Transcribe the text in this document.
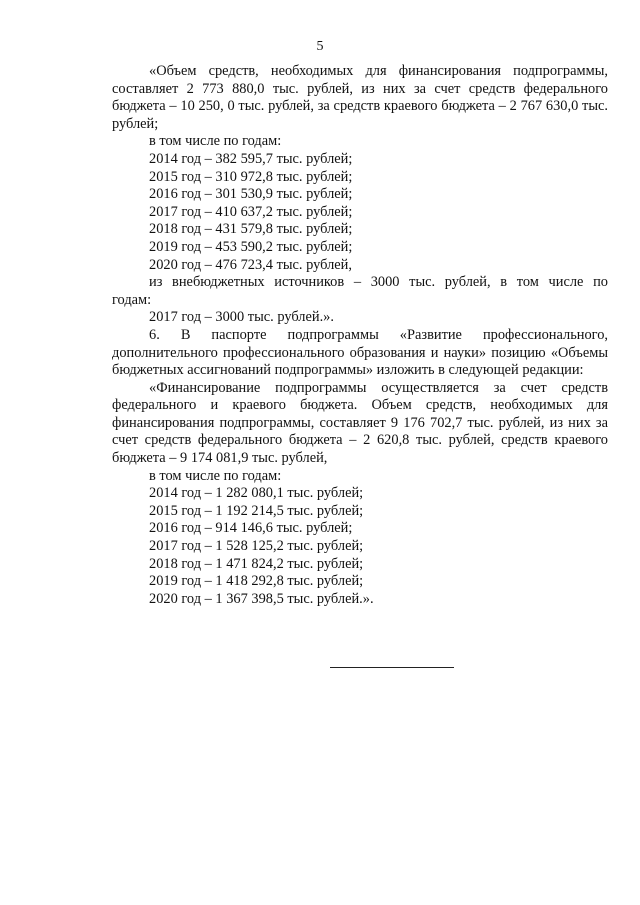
5

«Объем средств, необходимых для финансирования подпрограммы, составляет 2 773 880,0 тыс. рублей, из них за счет средств федерального бюджета – 10 250, 0 тыс. рублей, за средств краевого бюджета – 2 767 630,0 тыс. рублей;

в том числе по годам:

2014 год – 382 595,7 тыс. рублей;

2015 год – 310 972,8 тыс. рублей;

2016 год – 301 530,9 тыс. рублей;

2017 год – 410 637,2 тыс. рублей;

2018 год – 431 579,8 тыс. рублей;

2019 год – 453 590,2 тыс. рублей;

2020 год – 476 723,4 тыс. рублей,

из внебюджетных источников – 3000 тыс. рублей, в том числе по годам:

2017 год – 3000 тыс. рублей.».

6. В паспорте подпрограммы «Развитие профессионального, дополнительного профессионального образования и науки» позицию «Объемы бюджетных ассигнований подпрограммы» изложить в следующей редакции:

«Финансирование подпрограммы осуществляется за счет средств федерального и краевого бюджета. Объем средств, необходимых для финансирования подпрограммы, составляет 9 176 702,7 тыс. рублей, из них за счет средств федерального бюджета – 2 620,8 тыс. рублей, средств краевого бюджета – 9 174 081,9 тыс. рублей,

в том числе по годам:

2014 год – 1 282 080,1 тыс. рублей;

2015 год – 1 192 214,5 тыс. рублей;

2016 год – 914 146,6 тыс. рублей;

2017 год – 1 528 125,2 тыс. рублей;

2018 год – 1 471 824,2 тыс. рублей;

2019 год – 1 418 292,8 тыс. рублей;

2020 год – 1 367 398,5 тыс. рублей.».
